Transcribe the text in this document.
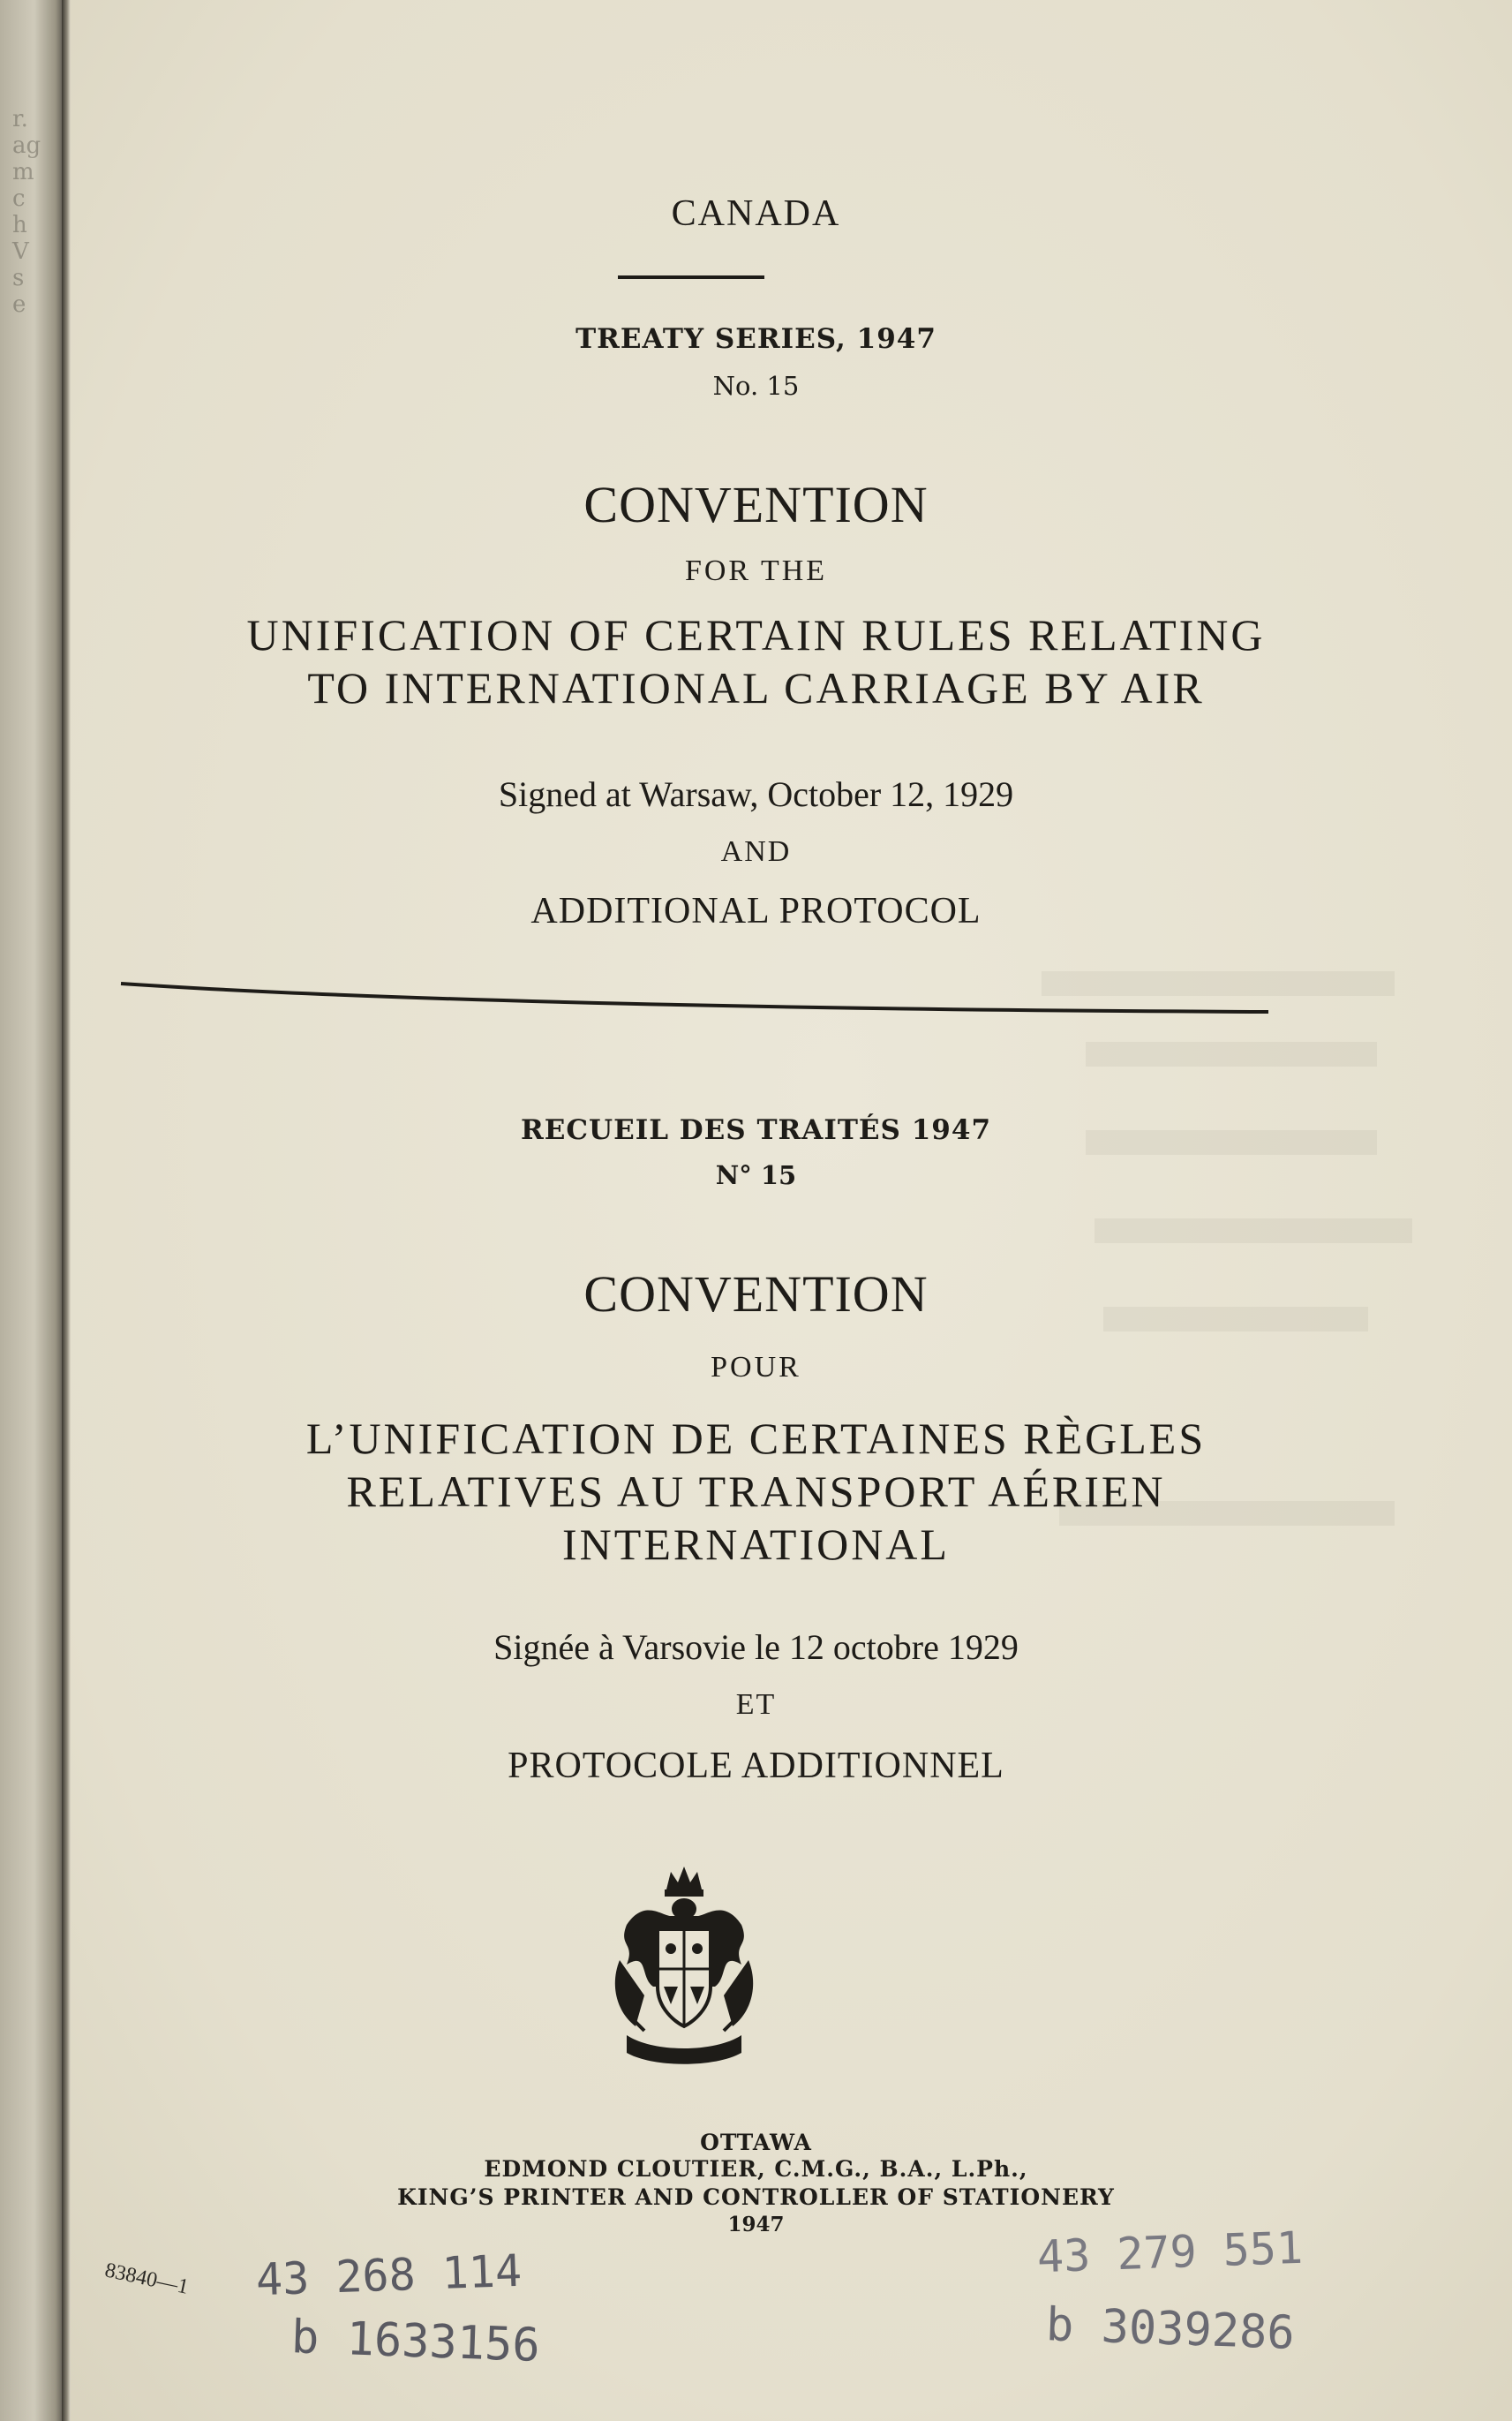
r.
ag
m
c
h
V
s
e
CANADA
TREATY SERIES, 1947
No. 15
CONVENTION
FOR THE
UNIFICATION OF CERTAIN RULES RELATING
TO INTERNATIONAL CARRIAGE BY AIR
Signed at Warsaw, October 12, 1929
AND
ADDITIONAL PROTOCOL
RECUEIL DES TRAITÉS 1947
N° 15
CONVENTION
POUR
L’UNIFICATION DE CERTAINES RÈGLES
RELATIVES AU TRANSPORT AÉRIEN
INTERNATIONAL
Signée à Varsovie le 12 octobre 1929
ET
PROTOCOLE ADDITIONNEL
OTTAWA
EDMOND CLOUTIER, C.M.G., B.A., L.Ph.,
KING’S PRINTER AND CONTROLLER OF STATIONERY
1947
83840—1 43 268 114
b 1633156
43 279 551
b 3039286
